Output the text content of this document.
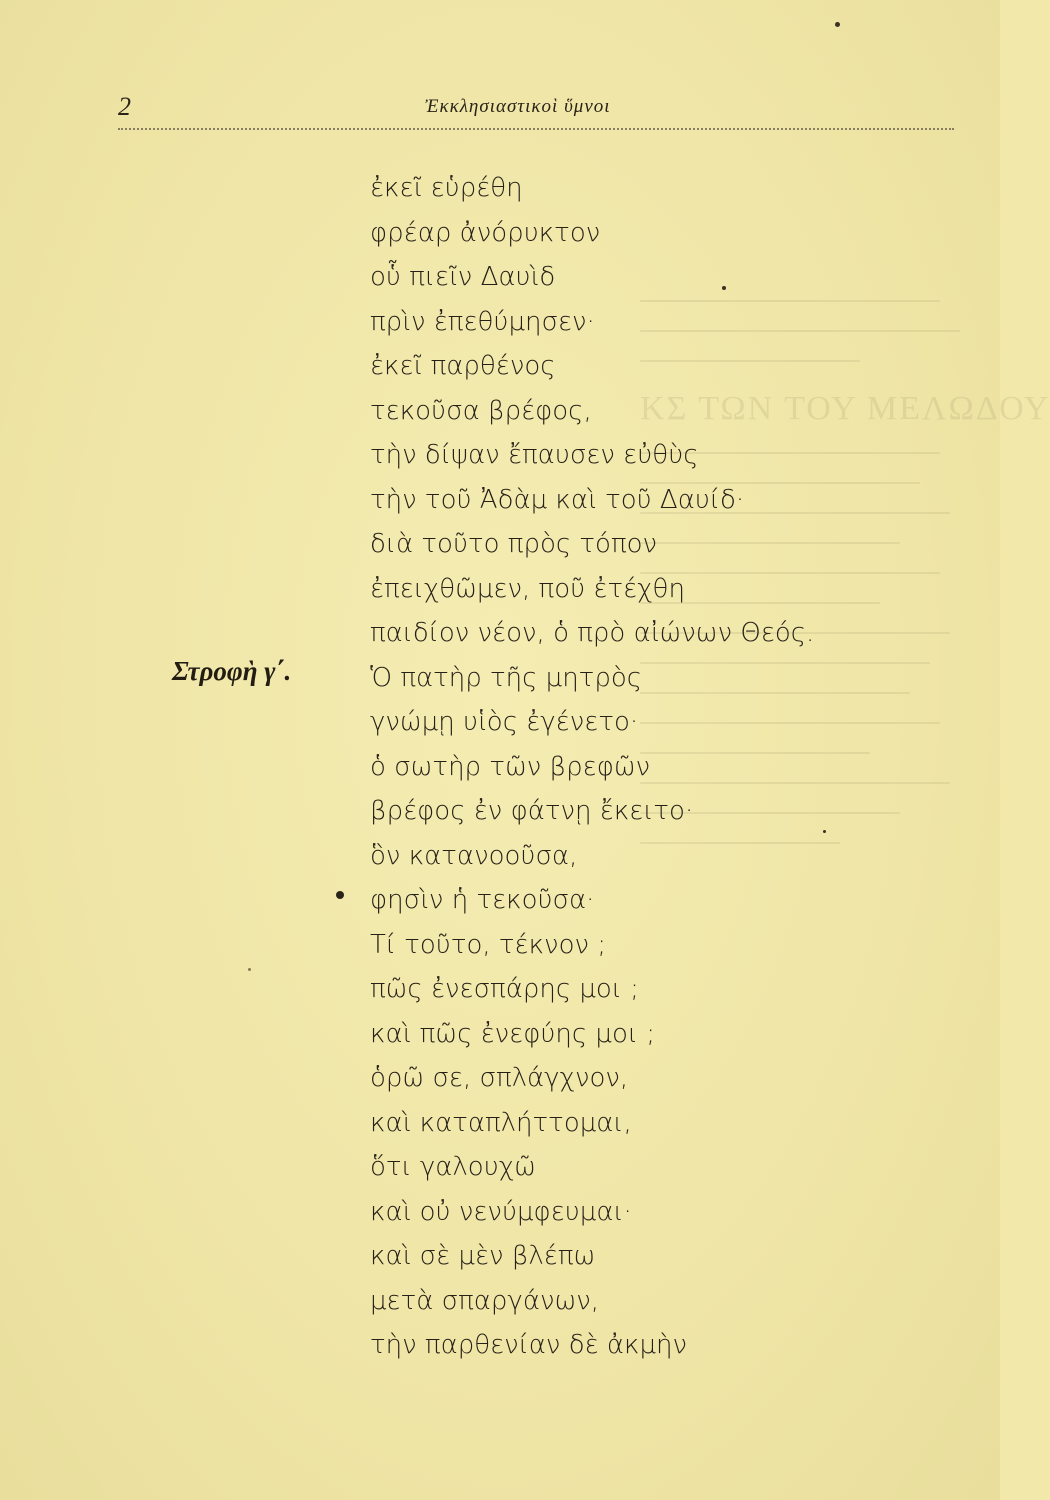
ΚΣ ΤΩΝ ΤΟΥ ΜΕΛΩΔΟΥ
2	Ἐκκλησιαστικοὶ ὕμνοι
Στροφὴ γ΄.
ἐκεῖ εὑρέθη
φρέαρ ἀνόρυκτον
οὗ πιεῖν Δαυὶδ
πρὶν ἐπεθύμησεν·
ἐκεῖ παρθένος
τεκοῦσα βρέφος,
τὴν δίψαν ἔπαυσεν εὐθὺς
τὴν τοῦ Ἀδὰμ καὶ τοῦ Δαυίδ·
διὰ τοῦτο πρὸς τόπον
ἐπειχθῶμεν, ποῦ ἐτέχθη
παιδίον νέον, ὁ πρὸ αἰώνων Θεός.
Ὁ πατὴρ τῆς μητρὸς
γνώμῃ υἱὸς ἐγένετο·
ὁ σωτὴρ τῶν βρεφῶν
βρέφος ἐν φάτνῃ ἔκειτο·
ὃν κατανοοῦσα,
φησὶν ἡ τεκοῦσα·
Τί τοῦτο, τέκνον ;
πῶς ἐνεσπάρης μοι ;
καὶ πῶς ἐνεφύης μοι ;
ὁρῶ σε, σπλάγχνον,
καὶ καταπλήττομαι,
ὅτι γαλουχῶ
καὶ οὐ νενύμφευμαι·
καὶ σὲ μὲν βλέπω
μετὰ σπαργάνων,
τὴν παρθενίαν δὲ ἀκμὴν
